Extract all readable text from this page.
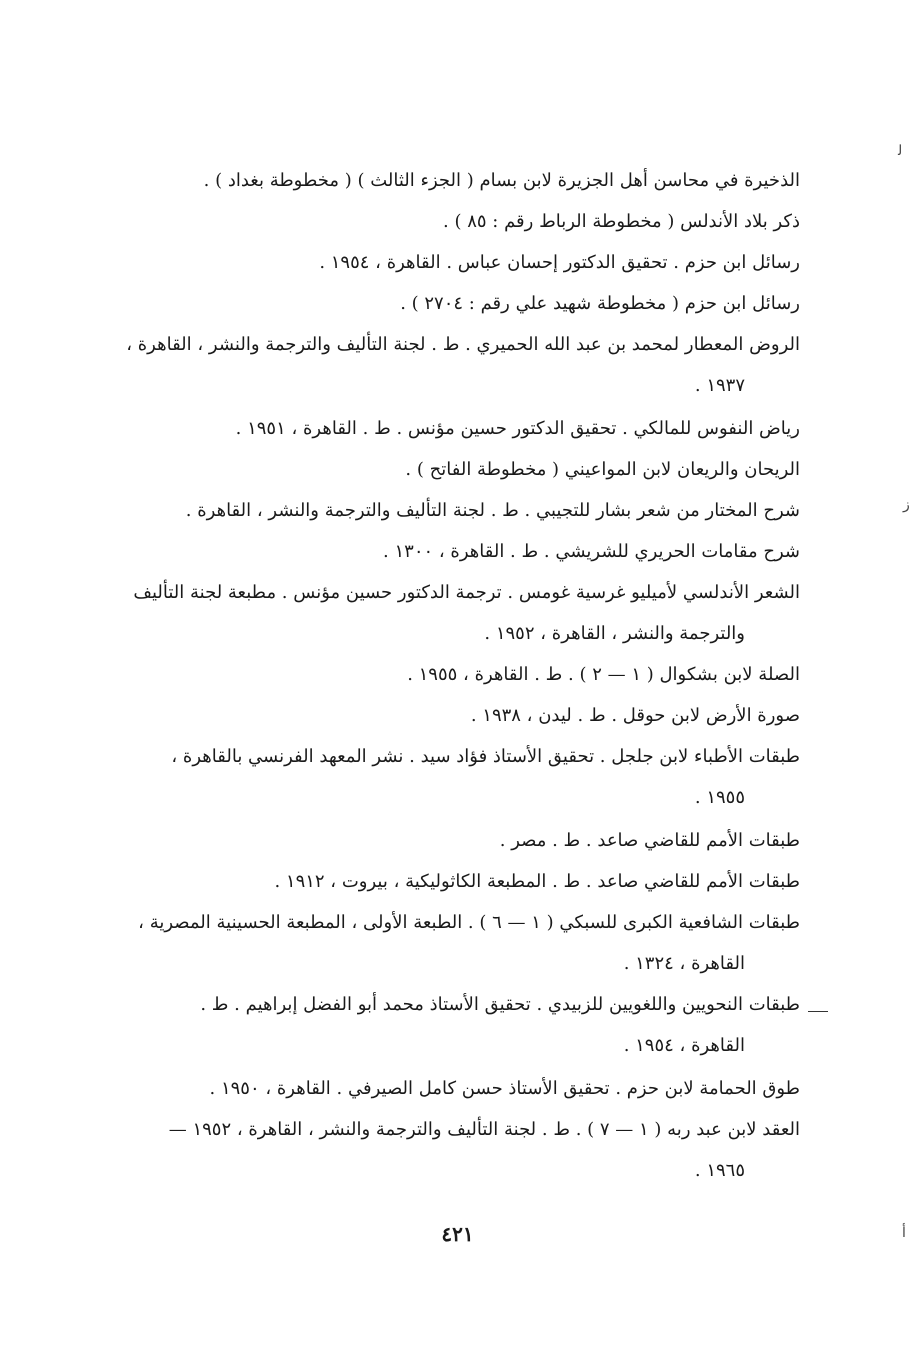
ﻟ
ﺯ
ﺃ
الذخيرة في محاسن أهل الجزيرة لابن بسام ( الجزء الثالث ) ( مخطوطة بغداد ) .
ذكر بلاد الأندلس ( مخطوطة الرباط رقم : ٨٥ ) .
رسائل ابن حزم . تحقيق الدكتور إحسان عباس . القاهرة ، ١٩٥٤ .
رسائل ابن حزم ( مخطوطة شهيد علي رقم : ٢٧٠٤ ) .
الروض المعطار لمحمد بن عبد الله الحميري . ط . لجنة التأليف والترجمة والنشر ، القاهرة ،
١٩٣٧ .
رياض النفوس للمالكي . تحقيق الدكتور حسين مؤنس . ط . القاهرة ، ١٩٥١ .
الريحان والريعان لابن المواعيني ( مخطوطة الفاتح ) .
شرح المختار من شعر بشار للتجيبي . ط . لجنة التأليف والترجمة والنشر ، القاهرة .
شرح مقامات الحريري للشريشي . ط . القاهرة ، ١٣٠٠ .
الشعر الأندلسي لأميليو غرسية غومس . ترجمة الدكتور حسين مؤنس . مطبعة لجنة التأليف
والترجمة والنشر ، القاهرة ، ١٩٥٢ .
الصلة لابن بشكوال ( ١ — ٢ ) . ط . القاهرة ، ١٩٥٥ .
صورة الأرض لابن حوقل . ط . ليدن ، ١٩٣٨ .
طبقات الأطباء لابن جلجل . تحقيق الأستاذ فؤاد سيد . نشر المعهد الفرنسي بالقاهرة ،
١٩٥٥ .
طبقات الأمم للقاضي صاعد . ط . مصر .
طبقات الأمم للقاضي صاعد . ط . المطبعة الكاثوليكية ، بيروت ، ١٩١٢ .
طبقات الشافعية الكبرى للسبكي ( ١ — ٦ ) . الطبعة الأولى ، المطبعة الحسينية المصرية ،
القاهرة ، ١٣٢٤ .
طبقات النحويين واللغويين للزبيدي . تحقيق الأستاذ محمد أبو الفضل إبراهيم . ط .
القاهرة ، ١٩٥٤ .
طوق الحمامة لابن حزم . تحقيق الأستاذ حسن كامل الصيرفي . القاهرة ، ١٩٥٠ .
العقد لابن عبد ربه ( ١ — ٧ ) . ط . لجنة التأليف والترجمة والنشر ، القاهرة ، ١٩٥٢ —
١٩٦٥ .
٤٢١
